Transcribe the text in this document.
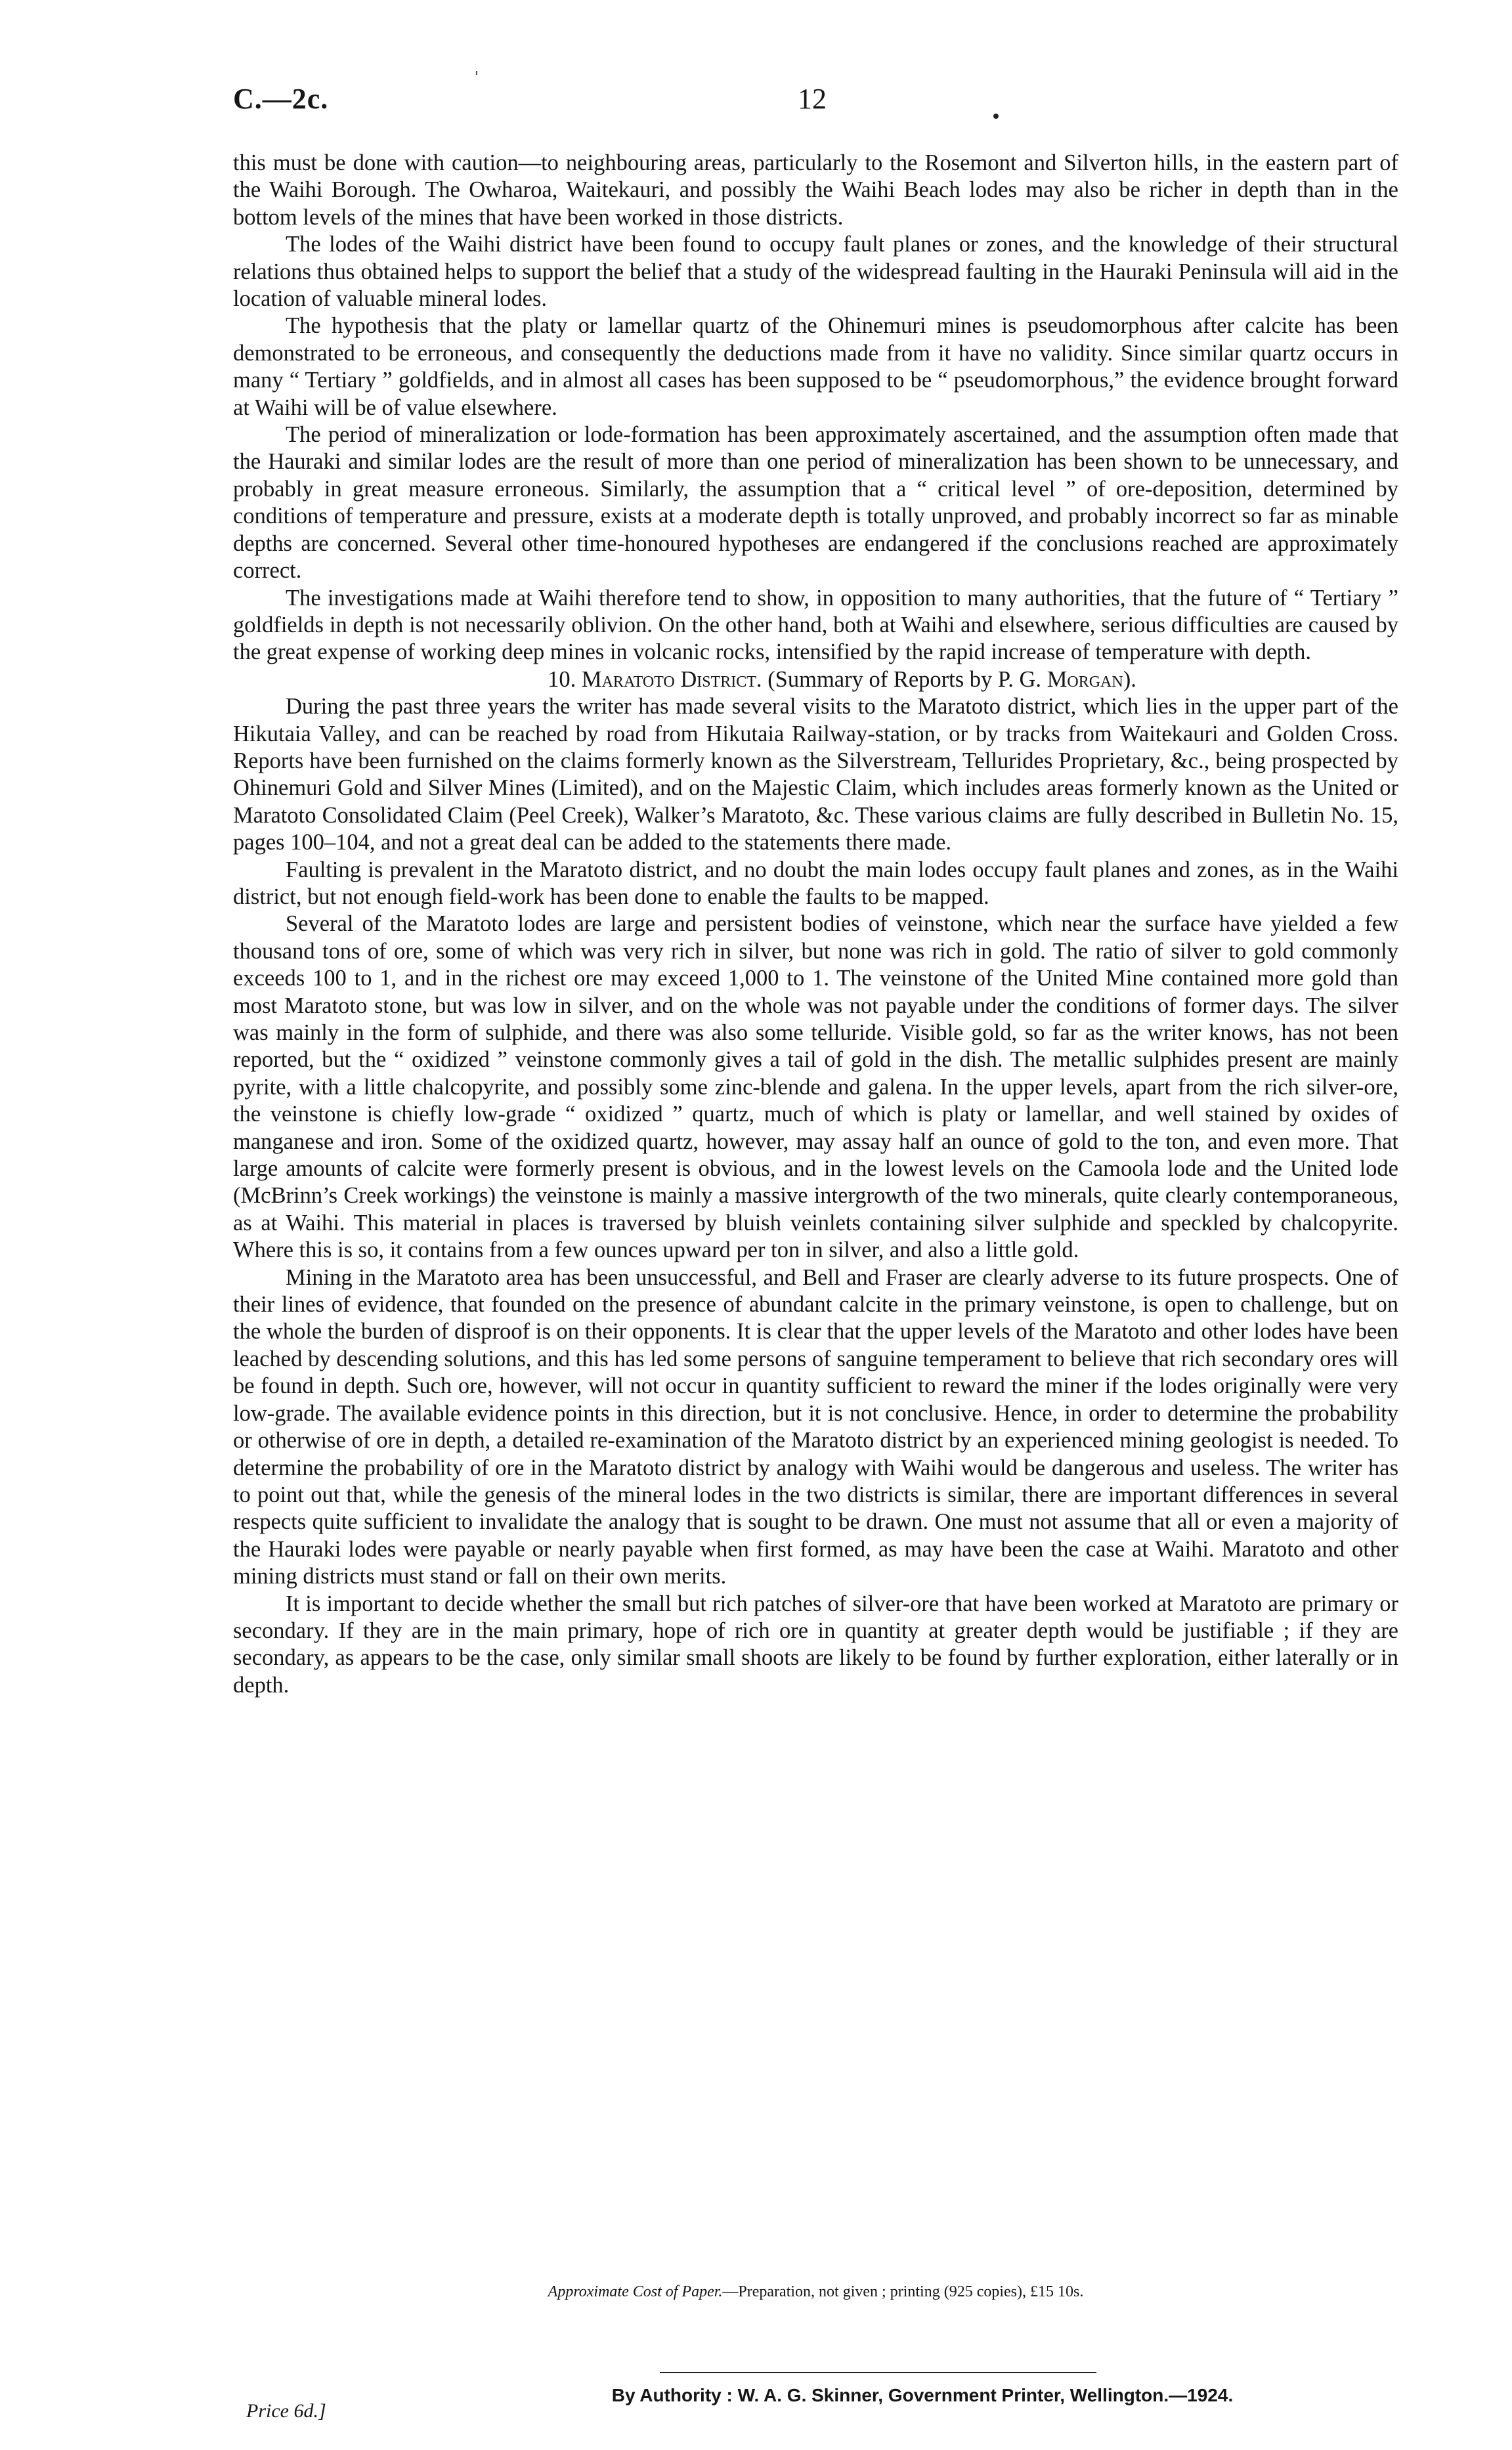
C.—2c.	12

this must be done with caution—to neighbouring areas, particularly to the Rosemont and Silverton hills, in the eastern part of the Waihi Borough. The Owharoa, Waitekauri, and possibly the Waihi Beach lodes may also be richer in depth than in the bottom levels of the mines that have been worked in those districts.

The lodes of the Waihi district have been found to occupy fault planes or zones, and the knowledge of their structural relations thus obtained helps to support the belief that a study of the widespread faulting in the Hauraki Peninsula will aid in the location of valuable mineral lodes.

The hypothesis that the platy or lamellar quartz of the Ohinemuri mines is pseudomorphous after calcite has been demonstrated to be erroneous, and consequently the deductions made from it have no validity. Since similar quartz occurs in many “ Tertiary ” goldfields, and in almost all cases has been supposed to be “ pseudomorphous,” the evidence brought forward at Waihi will be of value elsewhere.

The period of mineralization or lode-formation has been approximately ascertained, and the assumption often made that the Hauraki and similar lodes are the result of more than one period of mineralization has been shown to be unnecessary, and probably in great measure erroneous. Similarly, the assumption that a “ critical level ” of ore-deposition, determined by conditions of temperature and pressure, exists at a moderate depth is totally unproved, and probably incorrect so far as minable depths are concerned. Several other time-honoured hypotheses are endangered if the conclusions reached are approximately correct.

The investigations made at Waihi therefore tend to show, in opposition to many authorities, that the future of “ Tertiary ” goldfields in depth is not necessarily oblivion. On the other hand, both at Waihi and elsewhere, serious difficulties are caused by the great expense of working deep mines in volcanic rocks, intensified by the rapid increase of temperature with depth.

10. Maratoto District. (Summary of Reports by P. G. Morgan).

During the past three years the writer has made several visits to the Maratoto district, which lies in the upper part of the Hikutaia Valley, and can be reached by road from Hikutaia Railway-station, or by tracks from Waitekauri and Golden Cross. Reports have been furnished on the claims formerly known as the Silverstream, Tellurides Proprietary, &c., being prospected by Ohinemuri Gold and Silver Mines (Limited), and on the Majestic Claim, which includes areas formerly known as the United or Maratoto Consolidated Claim (Peel Creek), Walker’s Maratoto, &c. These various claims are fully described in Bulletin No. 15, pages 100–104, and not a great deal can be added to the statements there made.

Faulting is prevalent in the Maratoto district, and no doubt the main lodes occupy fault planes and zones, as in the Waihi district, but not enough field-work has been done to enable the faults to be mapped.

Several of the Maratoto lodes are large and persistent bodies of veinstone, which near the surface have yielded a few thousand tons of ore, some of which was very rich in silver, but none was rich in gold. The ratio of silver to gold commonly exceeds 100 to 1, and in the richest ore may exceed 1,000 to 1. The veinstone of the United Mine contained more gold than most Maratoto stone, but was low in silver, and on the whole was not payable under the conditions of former days. The silver was mainly in the form of sulphide, and there was also some telluride. Visible gold, so far as the writer knows, has not been reported, but the “ oxidized ” veinstone commonly gives a tail of gold in the dish. The metallic sulphides present are mainly pyrite, with a little chalcopyrite, and possibly some zinc-blende and galena. In the upper levels, apart from the rich silver-ore, the veinstone is chiefly low-grade “ oxidized ” quartz, much of which is platy or lamellar, and well stained by oxides of manganese and iron. Some of the oxidized quartz, however, may assay half an ounce of gold to the ton, and even more. That large amounts of calcite were formerly present is obvious, and in the lowest levels on the Camoola lode and the United lode (McBrinn’s Creek workings) the veinstone is mainly a massive intergrowth of the two minerals, quite clearly contemporaneous, as at Waihi. This material in places is traversed by bluish veinlets containing silver sulphide and speckled by chalcopyrite. Where this is so, it contains from a few ounces upward per ton in silver, and also a little gold.

Mining in the Maratoto area has been unsuccessful, and Bell and Fraser are clearly adverse to its future prospects. One of their lines of evidence, that founded on the presence of abundant calcite in the primary veinstone, is open to challenge, but on the whole the burden of disproof is on their opponents. It is clear that the upper levels of the Maratoto and other lodes have been leached by descending solutions, and this has led some persons of sanguine temperament to believe that rich secondary ores will be found in depth. Such ore, however, will not occur in quantity sufficient to reward the miner if the lodes originally were very low-grade. The available evidence points in this direction, but it is not conclusive. Hence, in order to determine the probability or otherwise of ore in depth, a detailed re-examination of the Maratoto district by an experienced mining geologist is needed. To determine the probability of ore in the Maratoto district by analogy with Waihi would be dangerous and useless. The writer has to point out that, while the genesis of the mineral lodes in the two districts is similar, there are important differences in several respects quite sufficient to invalidate the analogy that is sought to be drawn. One must not assume that all or even a majority of the Hauraki lodes were payable or nearly payable when first formed, as may have been the case at Waihi. Maratoto and other mining districts must stand or fall on their own merits.

It is important to decide whether the small but rich patches of silver-ore that have been worked at Maratoto are primary or secondary. If they are in the main primary, hope of rich ore in quantity at greater depth would be justifiable ; if they are secondary, as appears to be the case, only similar small shoots are likely to be found by further exploration, either laterally or in depth.

Approximate Cost of Paper.—Preparation, not given ; printing (925 copies), £15 10s.
Price 6d.]
By Authority : W. A. G. Skinner, Government Printer, Wellington.—1924.
